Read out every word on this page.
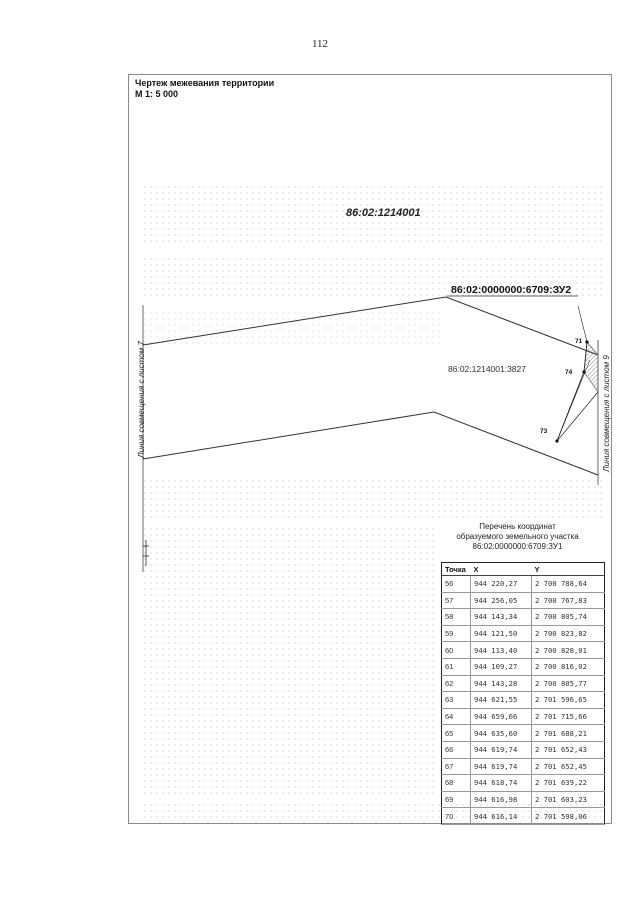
112
Чертеж межевания территории
М 1: 5 000
86:02:1214001
86:02:0000000:6709:ЗУ2
86:02:1214001:3827
71
74
73
Линия совмещения с листом 7	Линия совмещения с листом 9
Перечень координат
образуемого земельного участка
86:02:0000000:6709:ЗУ1
Точка	X	Y
56	944 220,27	2 700 788,64
57	944 256,05	2 700 767,83
58	944 143,34	2 700 805,74
59	944 121,50	2 700 823,82
60	944 113,40	2 700 828,01
61	944 109,27	2 700 816,02
62	944 143,28	2 700 805,77
63	944 621,55	2 701 596,65
64	944 659,66	2 701 715,66
65	944 635,60	2 701 688,21
66	944 619,74	2 701 652,43
67	944 619,74	2 701 652,45
68	944 618,74	2 701 639,22
69	944 616,98	2 701 603,23
70	944 616,14	2 701 598,06
